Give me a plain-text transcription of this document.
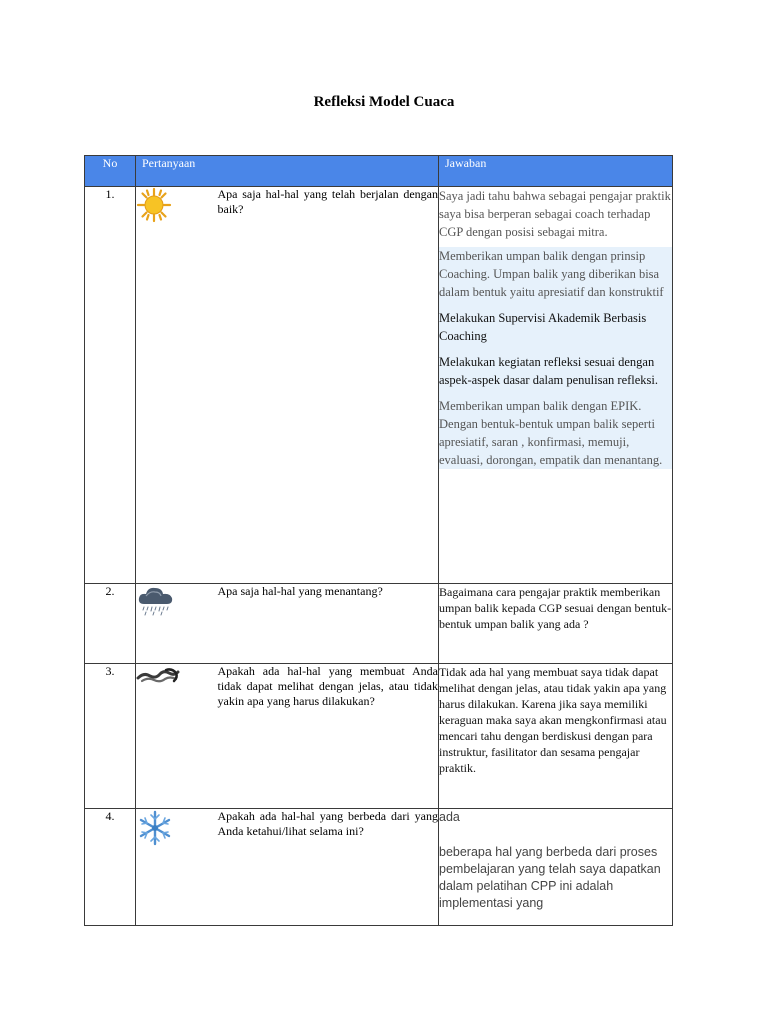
Refleksi Model Cuaca
No	Pertanyaan		Jawaban
1.		Apa saja hal-hal yang telah berjalan dengan baik?	Saya jadi tahu bahwa sebagai pengajar praktik saya bisa berperan sebagai coach terhadap CGP dengan posisi sebagai mitra.
Memberikan umpan balik dengan prinsip Coaching. Umpan balik yang diberikan bisa dalam bentuk yaitu apresiatif dan konstruktif
Melakukan Supervisi Akademik Berbasis Coaching
Melakukan kegiatan refleksi sesuai dengan aspek-aspek dasar dalam penulisan refleksi.
Memberikan umpan balik dengan EPIK. Dengan bentuk-bentuk umpan balik seperti apresiatif, saran , konfirmasi, memuji, evaluasi, dorongan, empatik dan menantang.

2.		Apa saja hal-hal yang menantang?	Bagaimana cara pengajar praktik memberikan umpan balik kepada CGP sesuai dengan bentuk-bentuk umpan balik yang ada ?

3.		Apakah ada hal-hal yang membuat Anda tidak dapat melihat dengan jelas, atau tidak yakin apa yang harus dilakukan?	Tidak ada hal yang membuat saya tidak dapat melihat dengan jelas, atau tidak yakin apa yang harus dilakukan. Karena jika saya memiliki keraguan maka saya akan mengkonfirmasi atau mencari tahu dengan berdiskusi dengan para instruktur, fasilitator dan sesama pengajar praktik.

4.		Apakah ada hal-hal yang berbeda dari yang Anda ketahui/lihat selama ini?	ada
beberapa hal yang berbeda dari proses pembelajaran yang telah saya dapatkan dalam pelatihan CPP ini adalah implementasi yang
